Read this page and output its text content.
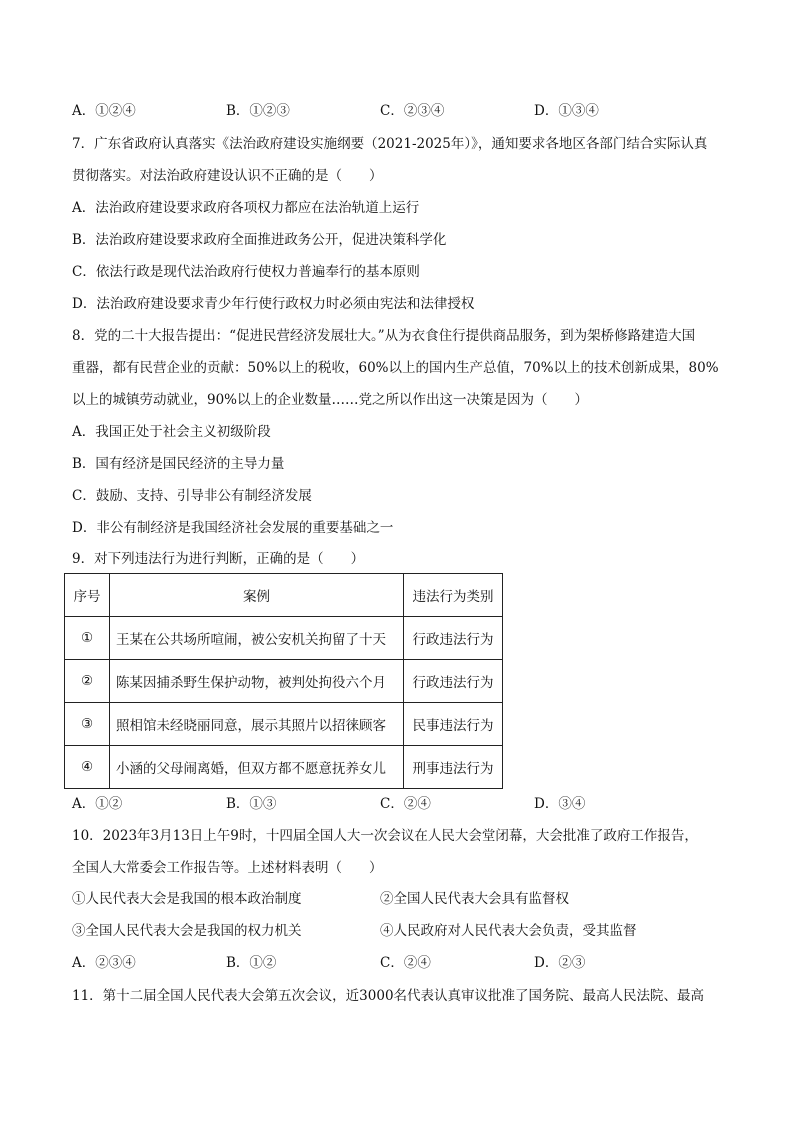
A．①②④	B．①②③	C．②③④	D．①③④
7．广东省政府认真落实《法治政府建设实施纲要（2021-2025年）》，通知要求各地区各部门结合实际认真
贯彻落实。对法治政府建设认识不正确的是（　　）
A．法治政府建设要求政府各项权力都应在法治轨道上运行
B．法治政府建设要求政府全面推进政务公开，促进决策科学化
C．依法行政是现代法治政府行使权力普遍奉行的基本原则
D．法治政府建设要求青少年行使行政权力时必须由宪法和法律授权
8．党的二十大报告提出：“促进民营经济发展壮大。”从为衣食住行提供商品服务，到为架桥修路建造大国
重器，都有民营企业的贡献：50%以上的税收，60%以上的国内生产总值，70%以上的技术创新成果，80%
以上的城镇劳动就业，90%以上的企业数量……党之所以作出这一决策是因为（　　）
A．我国正处于社会主义初级阶段
B．国有经济是国民经济的主导力量
C．鼓励、支持、引导非公有制经济发展
D．非公有制经济是我国经济社会发展的重要基础之一
9．对下列违法行为进行判断，正确的是（　　）
序号	案例	违法行为类别
①	王某在公共场所喧闹，被公安机关拘留了十天	行政违法行为
②	陈某因捕杀野生保护动物，被判处拘役六个月	行政违法行为
③	照相馆未经晓丽同意，展示其照片以招徕顾客	民事违法行为
④	小涵的父母闹离婚，但双方都不愿意抚养女儿	刑事违法行为
A．①②	B．①③	C．②④	D．③④
10．2023年3月13日上午9时，十四届全国人大一次会议在人民大会堂闭幕，大会批准了政府工作报告，
全国人大常委会工作报告等。上述材料表明（　　）
①人民代表大会是我国的根本政治制度	②全国人民代表大会具有监督权
③全国人民代表大会是我国的权力机关	④人民政府对人民代表大会负责，受其监督
A．②③④	B．①②	C．②④	D．②③
11．第十二届全国人民代表大会第五次会议，近3000名代表认真审议批准了国务院、最高人民法院、最高
